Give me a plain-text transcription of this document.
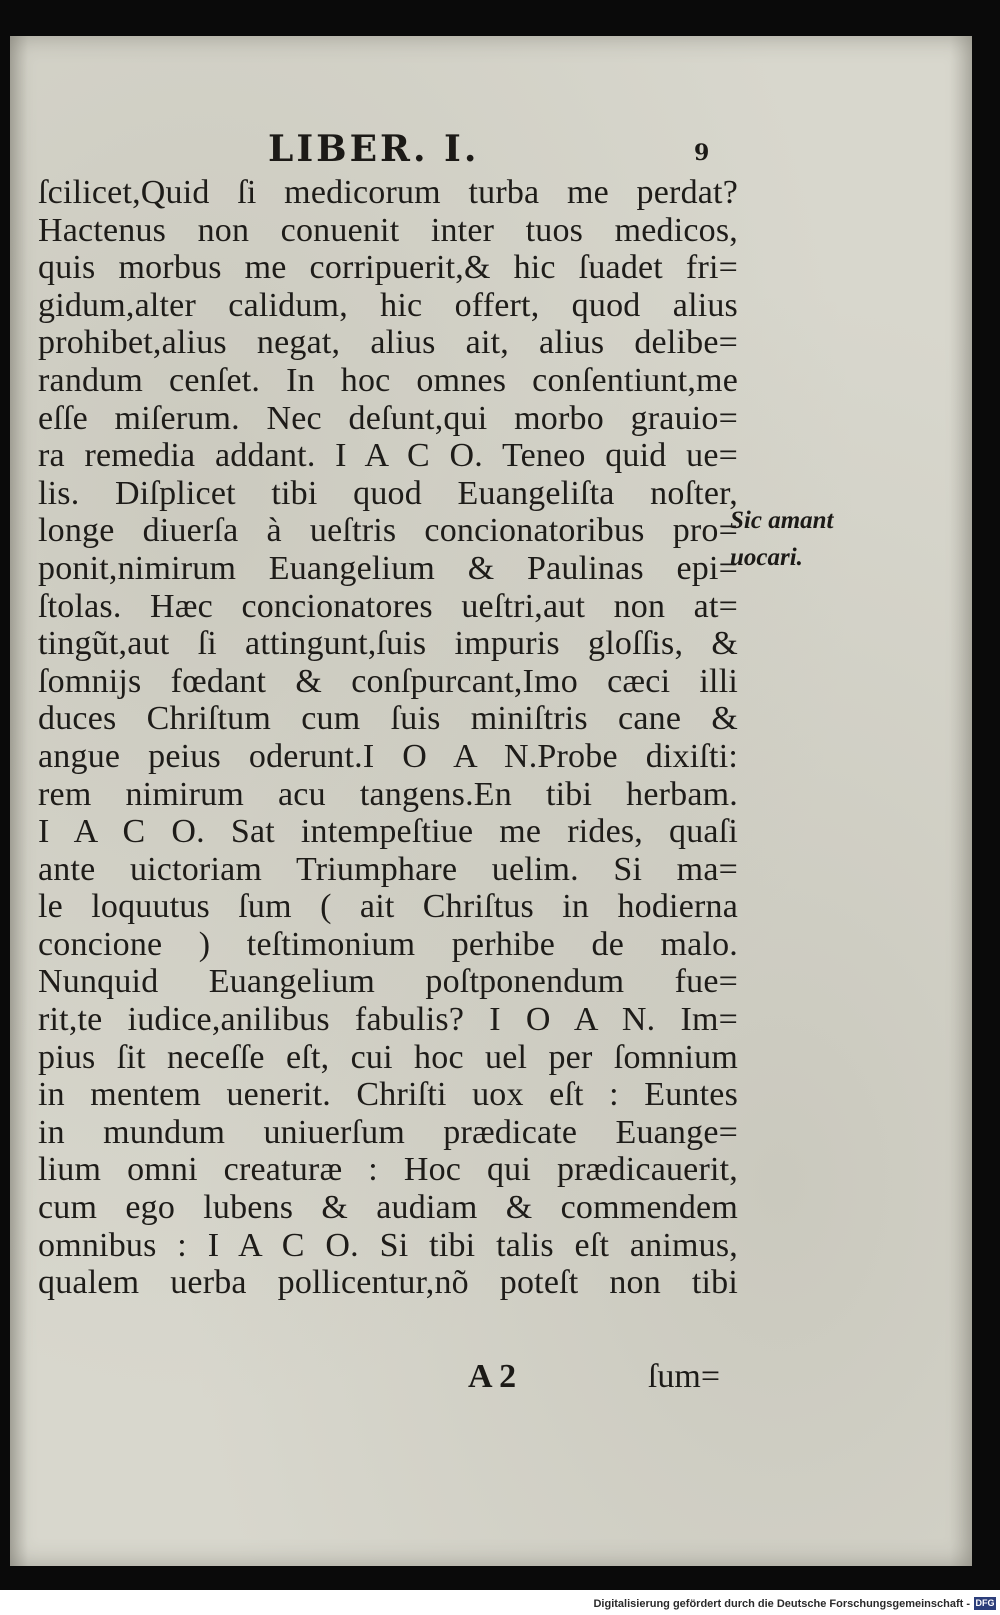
LIBER. I.	9
ſcilicet,Quid ſi medicorum turba me perdat?
Hactenus non conuenit inter tuos medicos,
quis morbus me corripuerit,& hic ſuadet fri=
gidum,alter calidum, hic offert, quod alius
prohibet,alius negat, alius ait, alius delibe=
randum cenſet. In hoc omnes conſentiunt,me
eſſe miſerum. Nec deſunt,qui morbo grauio=
ra remedia addant. I A C O. Teneo quid ue=
lis. Diſplicet tibi quod Euangeliſta noſter,
longe diuerſa à ueſtris concionatoribus pro=
ponit,nimirum Euangelium & Paulinas epi=
ſtolas. Hæc concionatores ueſtri,aut non at=
tingũt,aut ſi attingunt,ſuis impuris gloſſis, &
ſomnijs fœdant & conſpurcant,Imo cæci illi
duces Chriſtum cum ſuis miniſtris cane &
angue peius oderunt.I O A N.Probe dixiſti:
rem nimirum acu tangens.En tibi herbam.
I A C O. Sat intempeſtiue me rides, quaſi
ante uictoriam Triumphare uelim. Si ma=
le loquutus ſum ( ait Chriſtus in hodierna
concione ) teſtimonium perhibe de malo.
Nunquid Euangelium poſtponendum fue=
rit,te iudice,anilibus fabulis? I O A N. Im=
pius ſit neceſſe eſt, cui hoc uel per ſomnium
in mentem uenerit. Chriſti uox eſt : Euntes
in mundum uniuerſum prædicate Euange=
lium omni creaturæ : Hoc qui prædicauerit,
cum ego lubens & audiam & commendem
omnibus : I A C O. Si tibi talis eſt animus,
qualem uerba pollicentur,nõ poteſt non tibi
Sic amant
uocari.
A 2	ſum=
Digitalisierung gefördert durch die Deutsche Forschungsgemeinschaft - DFG
